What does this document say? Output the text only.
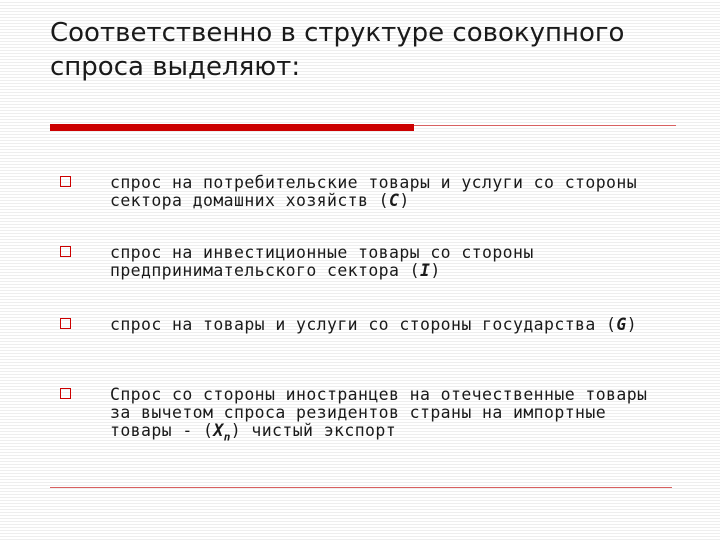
Соответственно в структуре совокупного
спроса выделяют:

спрос на потребительские товары и услуги со стороны сектора домашних хозяйств (C)

спрос на инвестиционные товары со стороны предпринимательского сектора (I)

спрос на товары и услуги со стороны государства (G)

Спрос со стороны иностранцев на отечественные товары за вычетом спроса резидентов страны на импортные товары - $(X_n)$ чистый экспорт
